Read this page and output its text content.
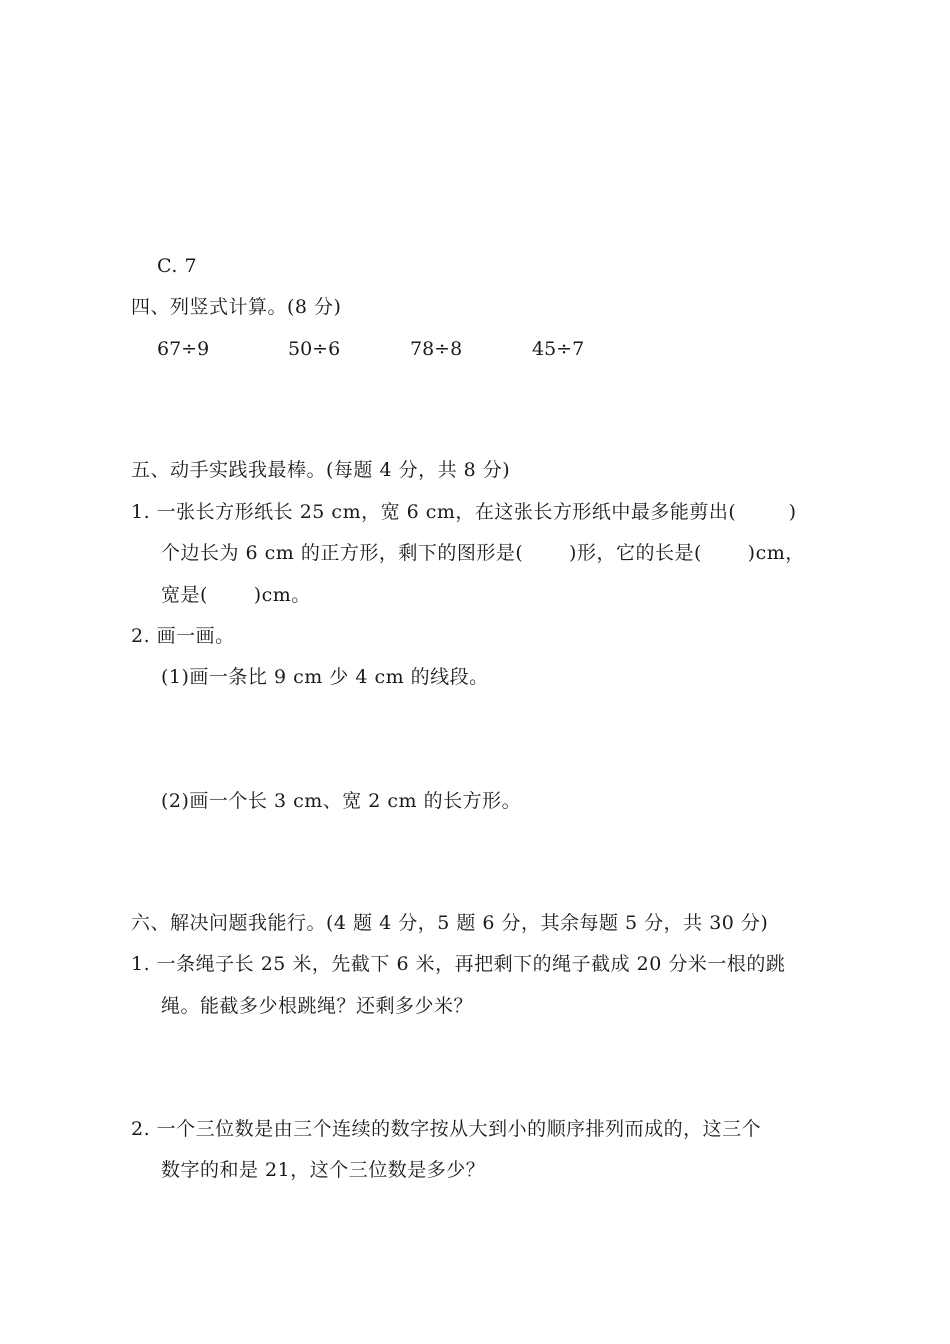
C. 7
四、列竖式计算。(8 分)
67÷9	50÷6	78÷8	45÷7
五、动手实践我最棒。(每题 4 分，共 8 分)
1. 一张长方形纸长 25 cm，宽 6 cm，在这张长方形纸中最多能剪出(        )
个边长为 6 cm 的正方形，剩下的图形是(       )形，它的长是(       )cm，
宽是(       )cm。
2. 画一画。
(1)画一条比 9 cm 少 4 cm 的线段。
(2)画一个长 3 cm、宽 2 cm 的长方形。
六、解决问题我能行。(4 题 4 分，5 题 6 分，其余每题 5 分，共 30 分)
1. 一条绳子长 25 米，先截下 6 米，再把剩下的绳子截成 20 分米一根的跳
绳。能截多少根跳绳？还剩多少米？
2. 一个三位数是由三个连续的数字按从大到小的顺序排列而成的，这三个
数字的和是 21，这个三位数是多少？
